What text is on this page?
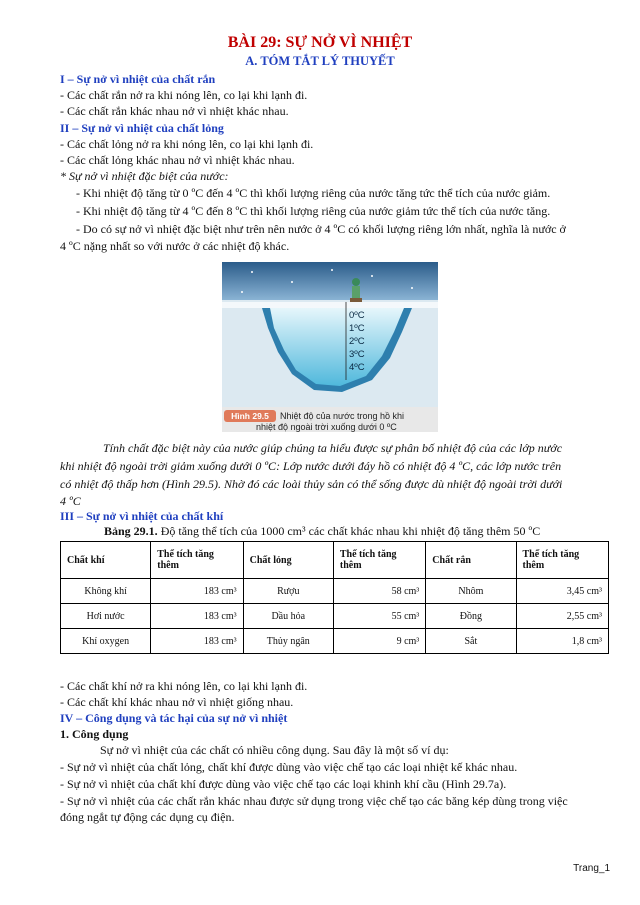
BÀI 29: SỰ NỞ VÌ NHIỆT
A. TÓM TẮT LÝ THUYẾT
I – Sự nở vì nhiệt của chất rắn
- Các chất rắn nở ra khi nóng lên, co lại khi lạnh đi.
- Các chất rắn khác nhau nở vì nhiệt khác nhau.
II – Sự nở vì nhiệt của chất lỏng
- Các chất lỏng nở ra khi nóng lên, co lại khi lạnh đi.
- Các chất lỏng khác nhau nở vì nhiệt khác nhau.
* Sự nở vì nhiệt đặc biệt của nước:
- Khi nhiệt độ tăng từ 0 ºC đến 4 ºC thì khối lượng riêng của nước tăng tức thể tích của nước giảm.
- Khi nhiệt độ tăng từ 4 ºC đến 8 ºC thì khối lượng riêng của nước giảm tức thể tích của nước tăng.
- Do có sự nở vì nhiệt đặc biệt như trên nên nước ở 4 ºC có khối lượng riêng lớn nhất, nghĩa là nước ở
4 ºC nặng nhất so với nước ở các nhiệt độ khác.
0ºC
1ºC
2ºC
3ºC
4ºC
Hình 29.5 Nhiệt độ của nước trong hồ khi
nhiệt độ ngoài trời xuống dưới 0 ºC
Tính chất đặc biệt này của nước giúp chúng ta hiểu được sự phân bố nhiệt độ của các lớp nước
khi nhiệt độ ngoài trời giảm xuống dưới 0 ºC: Lớp nước dưới đáy hồ có nhiệt độ 4 ºC, các lớp nước trên
có nhiệt độ thấp hơn (Hình 29.5). Nhờ đó các loài thủy sản có thể sống được dù nhiệt độ ngoài trời dưới
4 ºC
III – Sự nở vì nhiệt của chất khí
Bảng 29.1. Độ tăng thể tích của 1000 cm³ các chất khác nhau khi nhiệt độ tăng thêm 50 ºC
Chất khí	Thể tích tăng thêm	Chất lỏng	Thể tích tăng thêm	Chất rắn	Thể tích tăng thêm
Không khí	183 cm³	Rượu	58 cm³	Nhôm	3,45 cm³
Hơi nước	183 cm³	Dầu hỏa	55 cm³	Đồng	2,55 cm³
Khí oxygen	183 cm³	Thủy ngân	9 cm³	Sắt	1,8 cm³
- Các chất khí nở ra khi nóng lên, co lại khi lạnh đi.
- Các chất khí khác nhau nở vì nhiệt giống nhau.
IV – Công dụng và tác hại của sự nở vì nhiệt
1. Công dụng
Sự nở vì nhiệt của các chất có nhiều công dụng. Sau đây là một số ví dụ:
- Sự nở vì nhiệt của chất lỏng, chất khí được dùng vào việc chế tạo các loại nhiệt kế khác nhau.
- Sự nở vì nhiệt của chất khí được dùng vào việc chế tạo các loại khinh khí cầu (Hình 29.7a).
- Sự nở vì nhiệt của các chất rắn khác nhau được sử dụng trong việc chế tạo các băng kép dùng trong việc
đóng ngắt tự động các dụng cụ điện.
Trang_1
